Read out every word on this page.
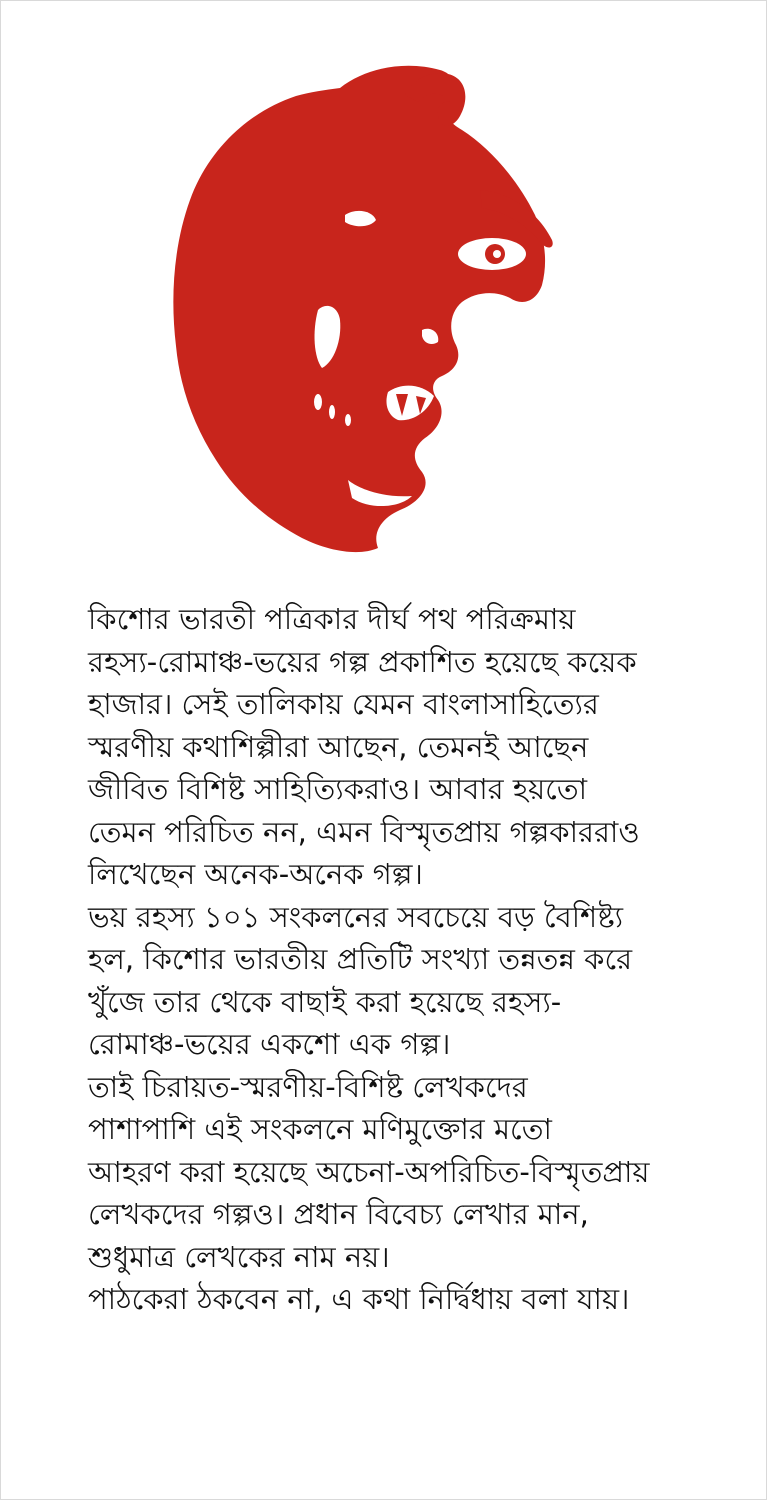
কিশোর ভারতী পত্রিকার দীর্ঘ পথ পরিক্রমায়
রহস্য-রোমাঞ্চ-ভয়ের গল্প প্রকাশিত হয়েছে কয়েক
হাজার। সেই তালিকায় যেমন বাংলাসাহিত্যের
স্মরণীয় কথাশিল্পীরা আছেন, তেমনই আছেন
জীবিত বিশিষ্ট সাহিত্যিকরাও। আবার হয়তো
তেমন পরিচিত নন, এমন বিস্মৃতপ্রায় গল্পকাররাও
লিখেছেন অনেক-অনেক গল্প।
ভয় রহস্য ১০১ সংকলনের সবচেয়ে বড় বৈশিষ্ট্য
হল, কিশোর ভারতীয় প্রতিটি সংখ্যা তন্নতন্ন করে
খুঁজে তার থেকে বাছাই করা হয়েছে রহস্য-
রোমাঞ্চ-ভয়ের একশো এক গল্প।
তাই চিরায়ত-স্মরণীয়-বিশিষ্ট লেখকদের
পাশাপাশি এই সংকলনে মণিমুক্তোর মতো
আহরণ করা হয়েছে অচেনা-অপরিচিত-বিস্মৃতপ্রায়
লেখকদের গল্পও। প্রধান বিবেচ্য লেখার মান,
শুধুমাত্র লেখকের নাম নয়।
পাঠকেরা ঠকবেন না, এ কথা নির্দ্বিধায় বলা যায়।
